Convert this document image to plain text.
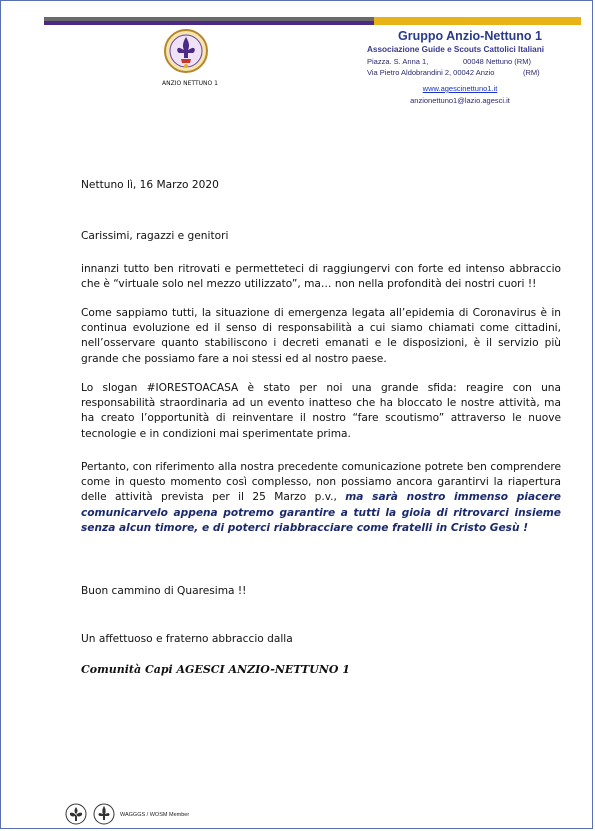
ANZIO NETTUNO 1
Gruppo Anzio-Nettuno 1
Associazione Guide e Scouts Cattolici Italiani
Piazza. S. Anna 1,	00048 Nettuno (RM)
Via Pietro Aldobrandini 2, 00042 Anzio	(RM)
www.agescinettuno1.it
anzionettuno1@lazio.agesci.it
Nettuno lì, 16 Marzo 2020
Carissimi, ragazzi e genitori

innanzi tutto ben ritrovati e permetteteci di raggiungervi con forte ed intenso abbraccio che è “virtuale solo nel mezzo utilizzato”, ma… non nella profondità dei nostri cuori !!

Come sappiamo tutti, la situazione di emergenza legata all’epidemia di Coronavirus è in continua evoluzione ed il senso di responsabilità a cui siamo chiamati come cittadini, nell’osservare quanto stabiliscono i decreti emanati e le disposizioni, è il servizio più grande che possiamo fare a noi stessi ed al nostro paese.

Lo slogan #IORESTOACASA è stato per noi una grande sfida: reagire con una responsabilità straordinaria ad un evento inatteso che ha bloccato le nostre attività, ma ha creato l’opportunità di reinventare il nostro “fare scoutismo” attraverso le nuove tecnologie e in condizioni mai sperimentate prima.

Pertanto, con riferimento alla nostra precedente comunicazione potrete ben comprendere come in questo momento così complesso, non possiamo ancora garantirvi la riapertura delle attività prevista per il 25 Marzo p.v., ma sarà nostro immenso piacere comunicarvelo appena potremo garantire a tutti la gioia di ritrovarci insieme senza alcun timore, e di poterci riabbracciare come fratelli in Cristo Gesù !

Buon cammino di Quaresima !!
Un affettuoso e fraterno abbraccio dalla
Comunità Capi AGESCI ANZIO-NETTUNO 1
WAGGGS / WOSM Member
